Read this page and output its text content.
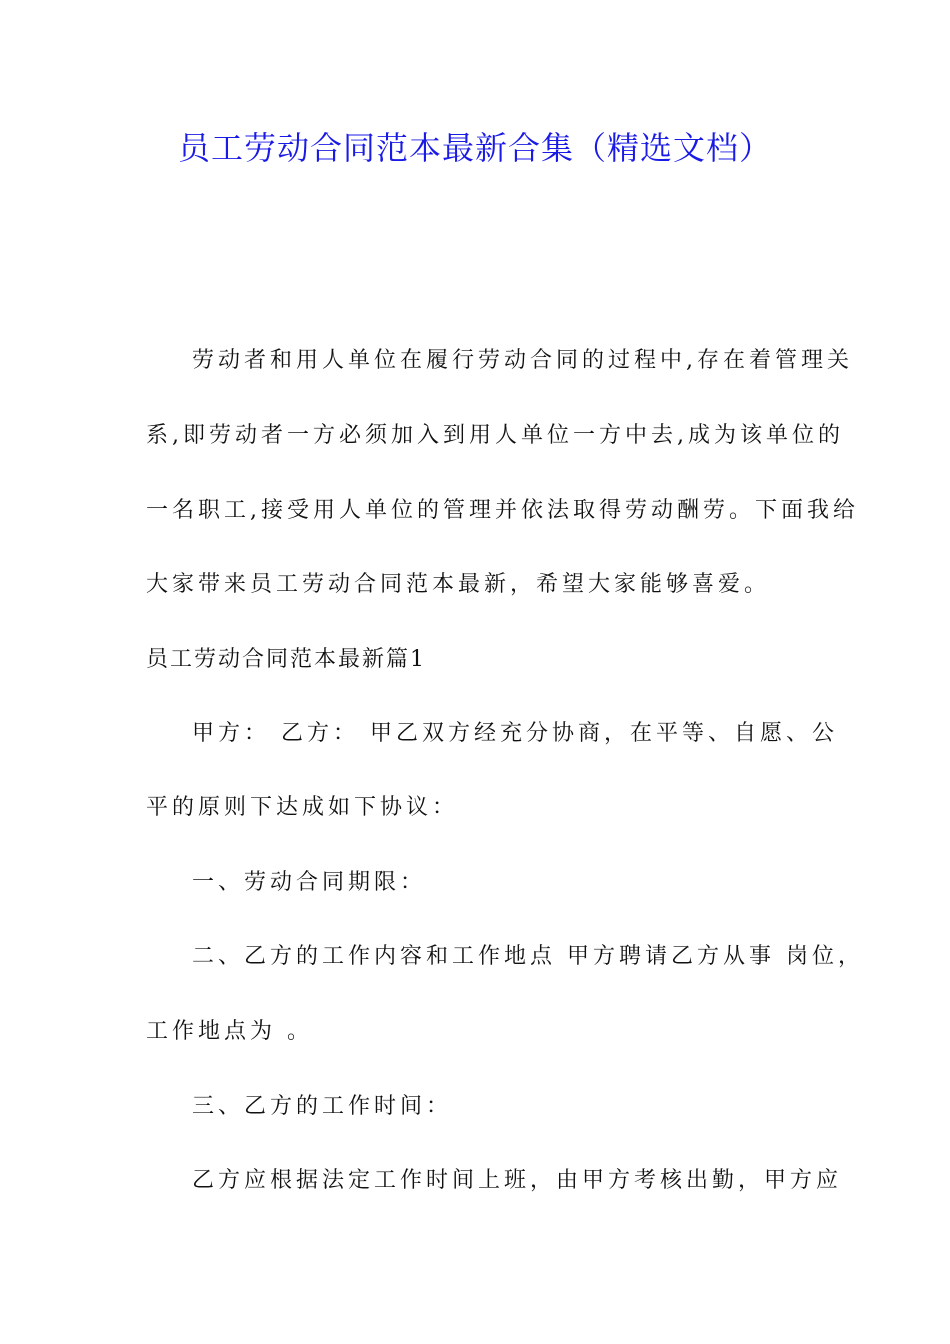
员工劳动合同范本最新合集（精选文档）
劳动者和用人单位在履行劳动合同的过程中,存在着管理关
系,即劳动者一方必须加入到用人单位一方中去,成为该单位的
一名职工,接受用人单位的管理并依法取得劳动酬劳。下面我给
大家带来员工劳动合同范本最新，希望大家能够喜爱。
员工劳动合同范本最新篇1
甲方： 乙方： 甲乙双方经充分协商，在平等、自愿、公
平的原则下达成如下协议：
一、劳动合同期限：
二、乙方的工作内容和工作地点 甲方聘请乙方从事 岗位，
工作地点为 。
三、乙方的工作时间：
乙方应根据法定工作时间上班，由甲方考核出勤，甲方应
